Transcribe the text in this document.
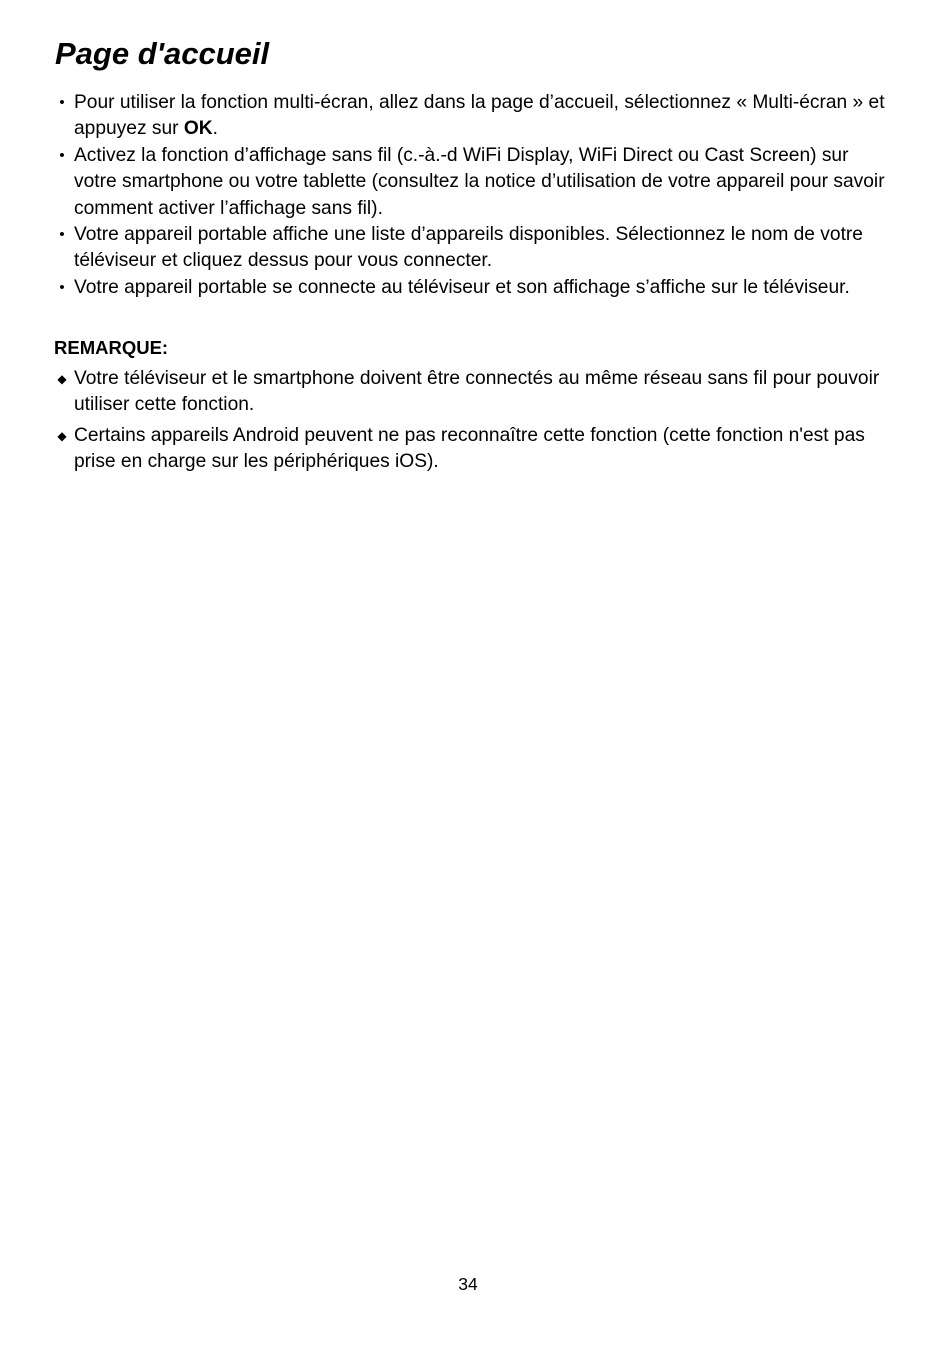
Page d'accueil
• Pour utiliser la fonction multi-écran, allez dans la page d’accueil, sélectionnez « Multi-écran » et appuyez sur OK.
• Activez la fonction d’affichage sans fil (c.-à.-d WiFi Display, WiFi Direct ou Cast Screen) sur votre smartphone ou votre tablette (consultez la notice d’utilisation de votre appareil pour savoir comment activer l’affichage sans fil).
• Votre appareil portable affiche une liste d’appareils disponibles. Sélectionnez le nom de votre téléviseur et cliquez dessus pour vous connecter.
• Votre appareil portable se connecte au téléviseur et son affichage s’affiche sur le téléviseur.
REMARQUE:
◆ Votre téléviseur et le smartphone doivent être connectés au même réseau sans fil pour pouvoir utiliser cette fonction.
◆ Certains appareils Android peuvent ne pas reconnaître cette fonction (cette fonction n'est pas prise en charge sur les périphériques iOS).
34
